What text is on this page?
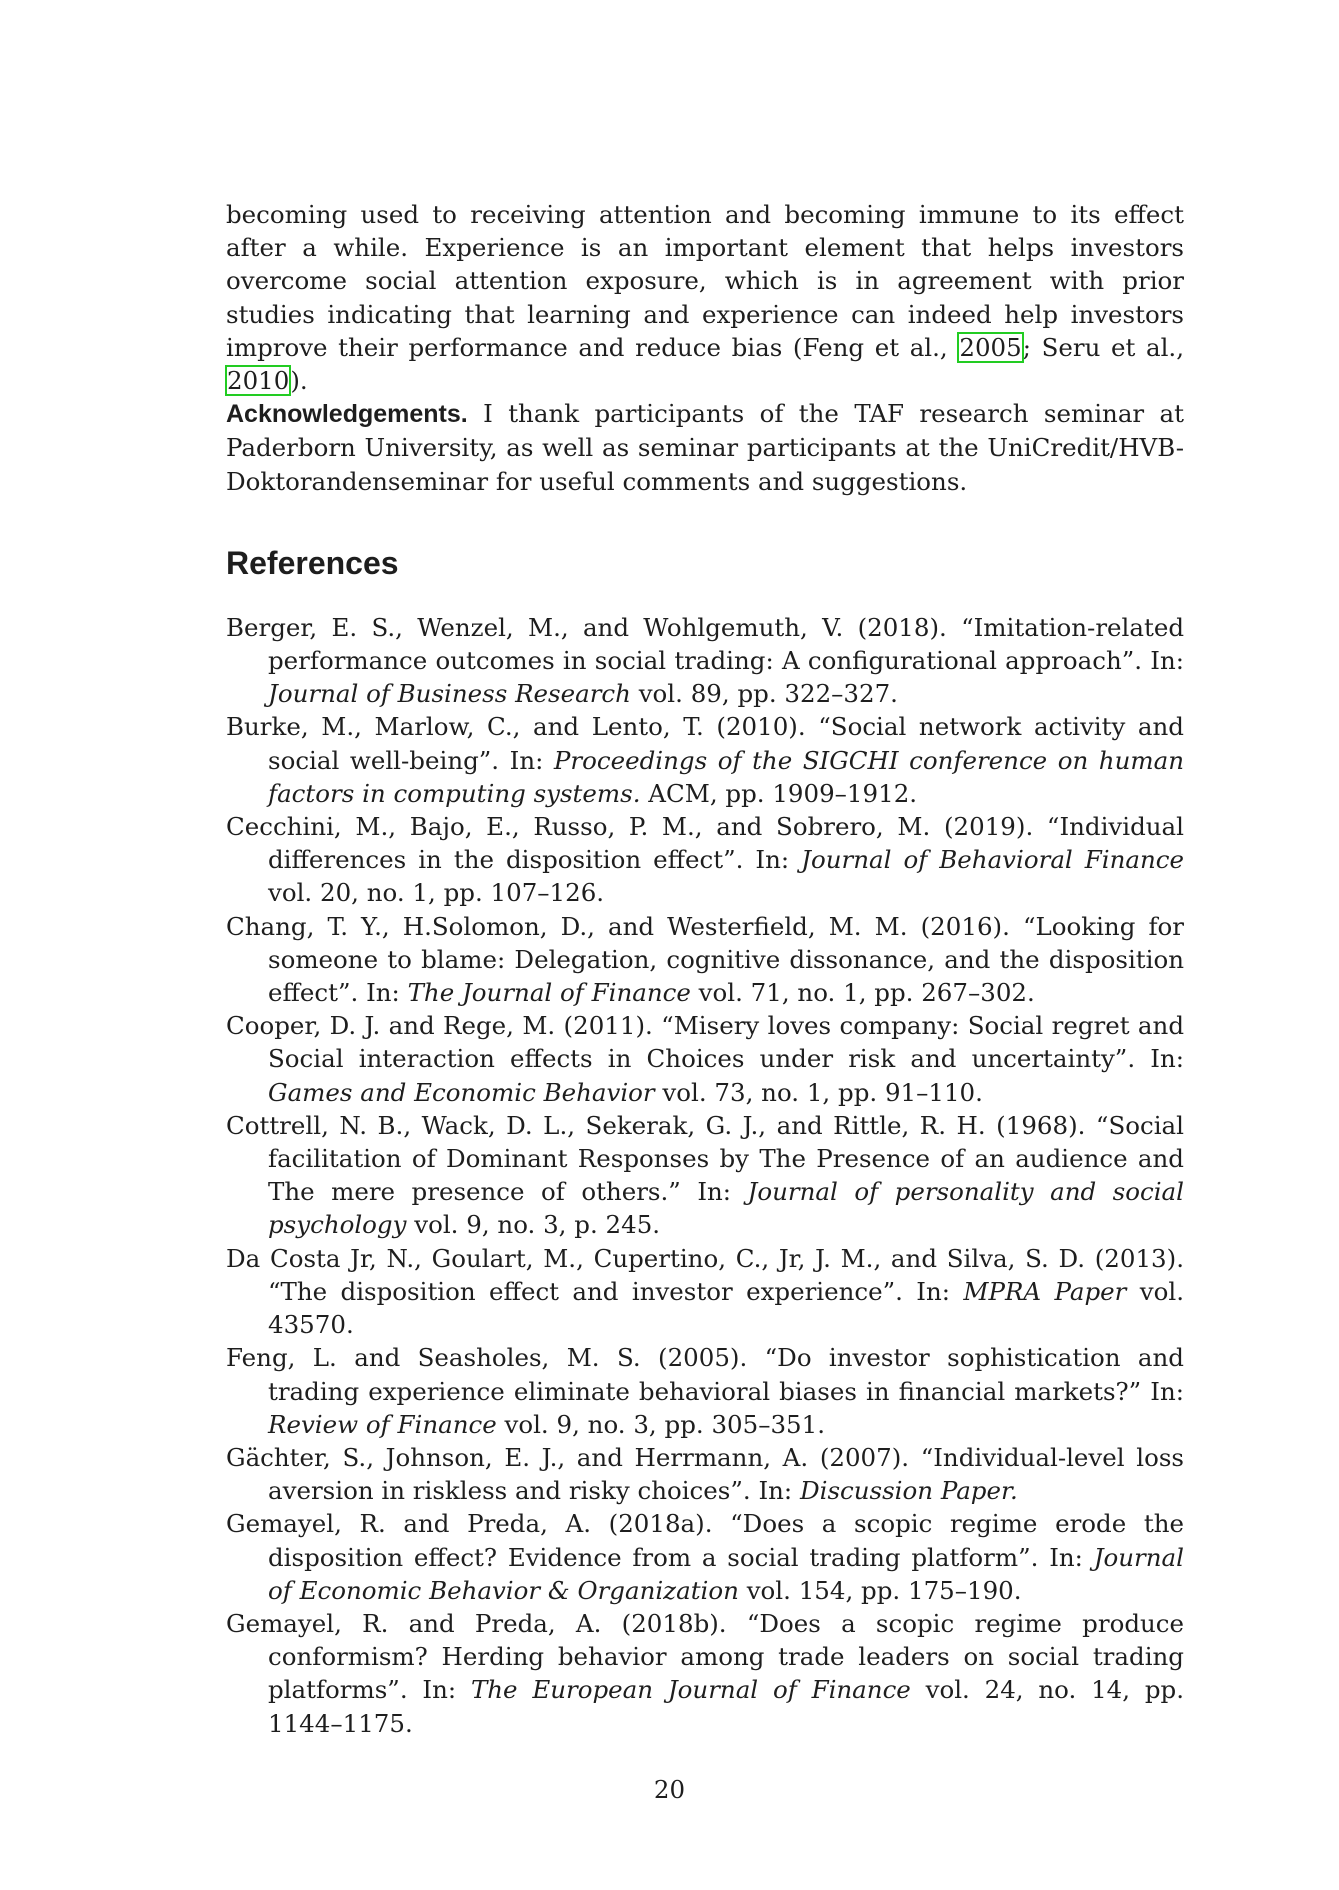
becoming used to receiving attention and becoming immune to its effect after a while. Experience is an important element that helps investors overcome social attention exposure, which is in agreement with prior studies indicating that learning and experience can indeed help investors improve their performance and reduce bias (Feng et al., 2005; Seru et al., 2010).

Acknowledgements. I thank participants of the TAF research seminar at Paderborn University, as well as seminar participants at the UniCredit/HVB-Doktorandenseminar for useful comments and suggestions.

References
Berger, E. S., Wenzel, M., and Wohlgemuth, V. (2018). “Imitation-related performance outcomes in social trading: A configurational approach”. In: Journal of Business Research vol. 89, pp. 322–327.
Burke, M., Marlow, C., and Lento, T. (2010). “Social network activity and social well-being”. In: Proceedings of the SIGCHI conference on human factors in computing systems. ACM, pp. 1909–1912.
Cecchini, M., Bajo, E., Russo, P. M., and Sobrero, M. (2019). “Individual differences in the disposition effect”. In: Journal of Behavioral Finance vol. 20, no. 1, pp. 107–126.
Chang, T. Y., H.Solomon, D., and Westerfield, M. M. (2016). “Looking for someone to blame: Delegation, cognitive dissonance, and the disposition effect”. In: The Journal of Finance vol. 71, no. 1, pp. 267–302.
Cooper, D. J. and Rege, M. (2011). “Misery loves company: Social regret and Social interaction effects in Choices under risk and uncertainty”. In: Games and Economic Behavior vol. 73, no. 1, pp. 91–110.
Cottrell, N. B., Wack, D. L., Sekerak, G. J., and Rittle, R. H. (1968). “Social facilitation of Dominant Responses by The Presence of an audience and The mere presence of others.” In: Journal of personality and social psychology vol. 9, no. 3, p. 245.
Da Costa Jr, N., Goulart, M., Cupertino, C., Jr, J. M., and Silva, S. D. (2013). “The disposition effect and investor experience”. In: MPRA Paper vol. 43570.
Feng, L. and Seasholes, M. S. (2005). “Do investor sophistication and trading experience eliminate behavioral biases in financial markets?” In: Review of Finance vol. 9, no. 3, pp. 305–351.
Gächter, S., Johnson, E. J., and Herrmann, A. (2007). “Individual-level loss aversion in riskless and risky choices”. In: Discussion Paper.
Gemayel, R. and Preda, A. (2018a). “Does a scopic regime erode the disposition effect? Evidence from a social trading platform”. In: Journal of Economic Behavior & Organization vol. 154, pp. 175–190.
Gemayel, R. and Preda, A. (2018b). “Does a scopic regime produce conformism? Herding behavior among trade leaders on social trading platforms”. In: The European Journal of Finance vol. 24, no. 14, pp. 1144–1175.
20
